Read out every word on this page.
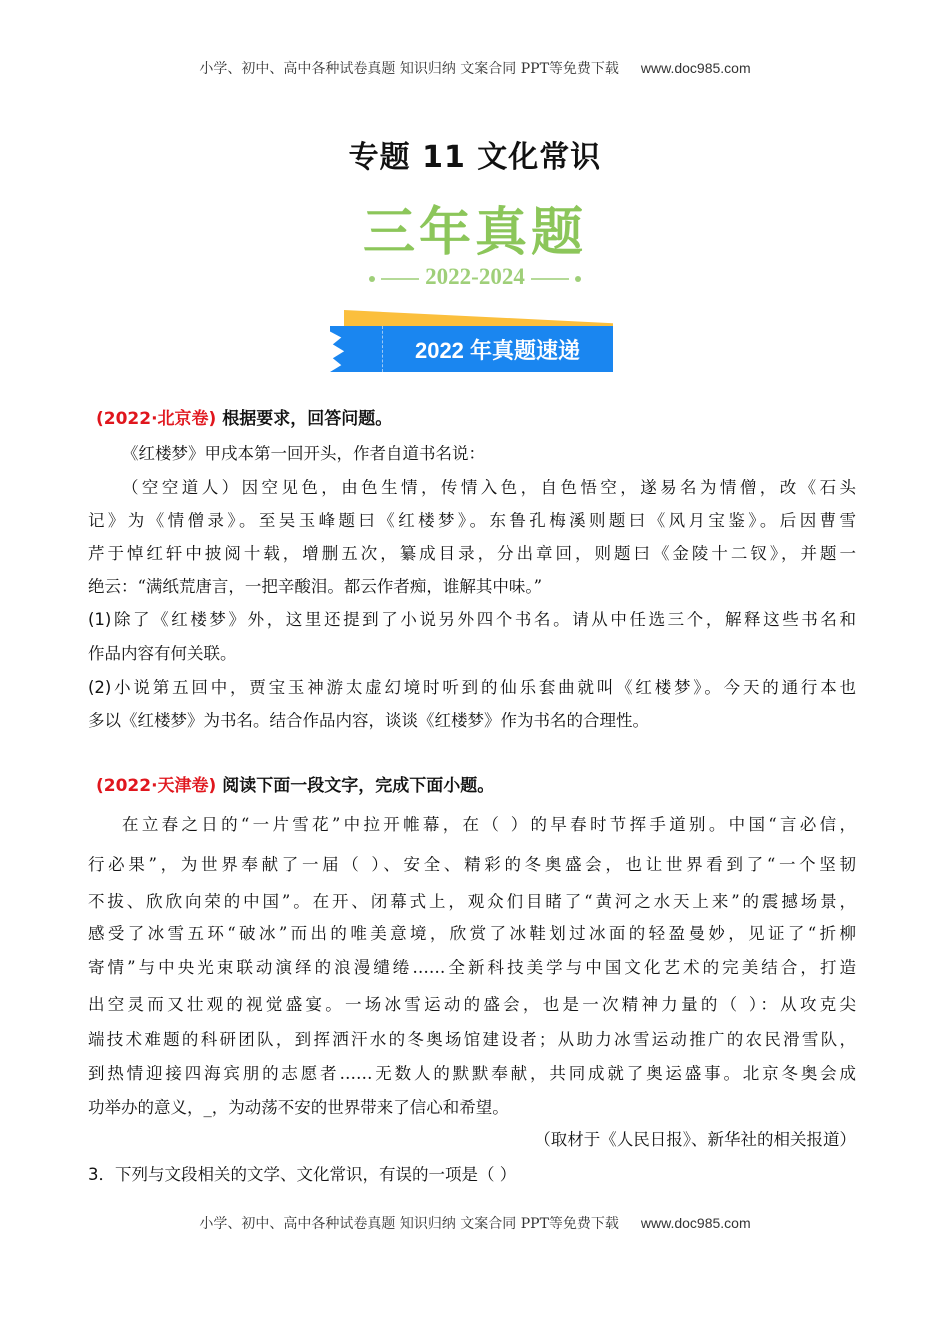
小学、初中、高中各种试卷真题 知识归纳 文案合同 PPT等免费下载 www.doc985.com
专题 11 文化常识
三年真题
2022-2024
2022 年真题速递
(2022·北京卷) 根据要求，回答问题。
《红楼梦》甲戌本第一回开头，作者自道书名说：
（空空道人）因空见色，由色生情，传情入色，自色悟空，遂易名为情僧，改《石头
记》为《情僧录》。至吴玉峰题曰《红楼梦》。东鲁孔梅溪则题曰《风月宝鉴》。后因曹雪
芹于悼红轩中披阅十载，增删五次，纂成目录，分出章回，则题曰《金陵十二钗》，并题一
绝云：“满纸荒唐言，一把辛酸泪。都云作者痴，谁解其中味。”
(1)除了《红楼梦》外，这里还提到了小说另外四个书名。请从中任选三个，解释这些书名和
作品内容有何关联。
(2)小说第五回中，贾宝玉神游太虚幻境时听到的仙乐套曲就叫《红楼梦》。今天的通行本也
多以《红楼梦》为书名。结合作品内容，谈谈《红楼梦》作为书名的合理性。
(2022·天津卷) 阅读下面一段文字，完成下面小题。
在立春之日的“一片雪花”中拉开帷幕，在（ ）的早春时节挥手道别。中国“言必信，
行必果”，为世界奉献了一届（ ）、安全、精彩的冬奥盛会，也让世界看到了“一个坚韧
不拔、欣欣向荣的中国”。在开、闭幕式上，观众们目睹了“黄河之水天上来”的震撼场景，
感受了冰雪五环“破冰”而出的唯美意境，欣赏了冰鞋划过冰面的轻盈曼妙，见证了“折柳
寄情”与中央光束联动演绎的浪漫缱绻……全新科技美学与中国文化艺术的完美结合，打造
出空灵而又壮观的视觉盛宴。一场冰雪运动的盛会，也是一次精神力量的（ ）：从攻克尖
端技术难题的科研团队，到挥洒汗水的冬奥场馆建设者；从助力冰雪运动推广的农民滑雪队，
到热情迎接四海宾朋的志愿者……无数人的默默奉献，共同成就了奥运盛事。北京冬奥会成
功举办的意义，_，为动荡不安的世界带来了信心和希望。
（取材于《人民日报》、新华社的相关报道）
3．下列与文段相关的文学、文化常识，有误的一项是（ ）
小学、初中、高中各种试卷真题 知识归纳 文案合同 PPT等免费下载 www.doc985.com
